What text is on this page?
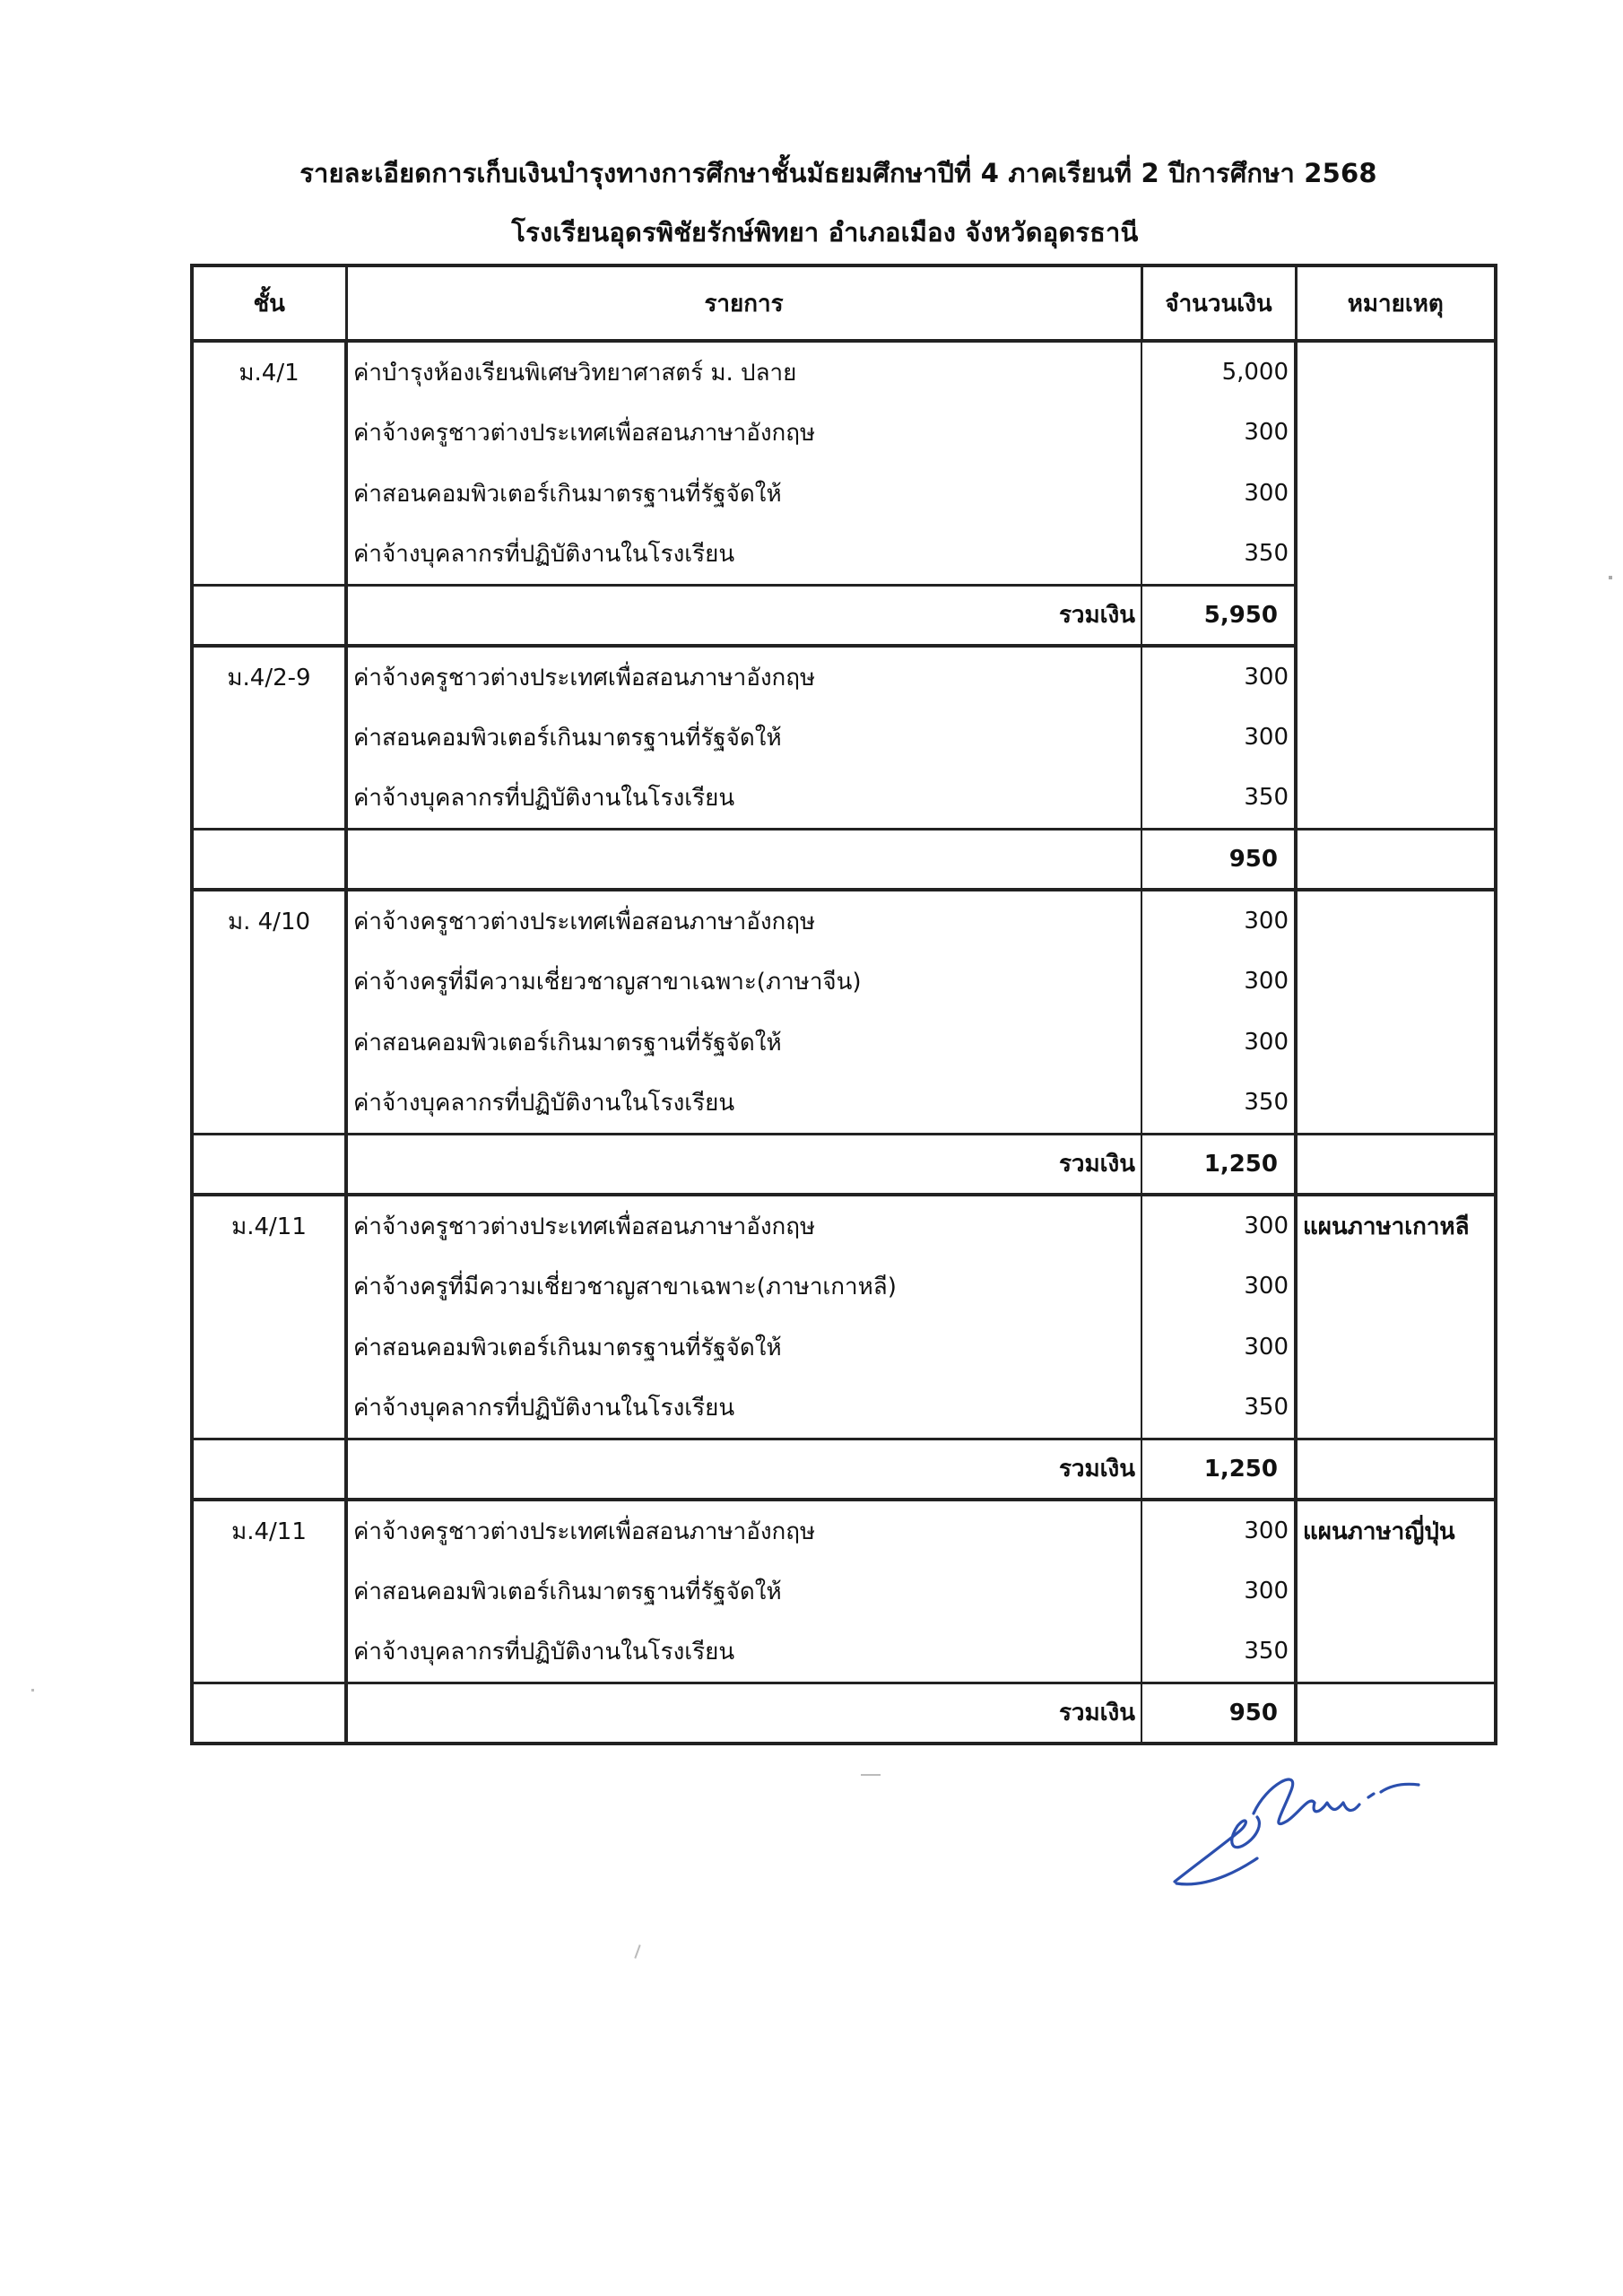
รายละเอียดการเก็บเงินบำรุงทางการศึกษาชั้นมัธยมศึกษาปีที่ 4 ภาคเรียนที่ 2 ปีการศึกษา 2568
โรงเรียนอุดรพิชัยรักษ์พิทยา อำเภอเมือง จังหวัดอุดรธานี
ชั้น	รายการ	จำนวนเงิน	หมายเหตุ
ม.4/1	ค่าบำรุงห้องเรียนพิเศษวิทยาศาสตร์ ม. ปลาย	5,000	
	ค่าจ้างครูชาวต่างประเทศเพื่อสอนภาษาอังกฤษ	300	
	ค่าสอนคอมพิวเตอร์เกินมาตรฐานที่รัฐจัดให้	300	
	ค่าจ้างบุคลากรที่ปฏิบัติงานในโรงเรียน	350	
	รวมเงิน	5,950	
ม.4/2-9	ค่าจ้างครูชาวต่างประเทศเพื่อสอนภาษาอังกฤษ	300	
	ค่าสอนคอมพิวเตอร์เกินมาตรฐานที่รัฐจัดให้	300	
	ค่าจ้างบุคลากรที่ปฏิบัติงานในโรงเรียน	350	
		950	
ม. 4/10	ค่าจ้างครูชาวต่างประเทศเพื่อสอนภาษาอังกฤษ	300	
	ค่าจ้างครูที่มีความเชี่ยวชาญสาขาเฉพาะ(ภาษาจีน)	300	
	ค่าสอนคอมพิวเตอร์เกินมาตรฐานที่รัฐจัดให้	300	
	ค่าจ้างบุคลากรที่ปฏิบัติงานในโรงเรียน	350	
	รวมเงิน	1,250	
ม.4/11	ค่าจ้างครูชาวต่างประเทศเพื่อสอนภาษาอังกฤษ	300	แผนภาษาเกาหลี
	ค่าจ้างครูที่มีความเชี่ยวชาญสาขาเฉพาะ(ภาษาเกาหลี)	300	
	ค่าสอนคอมพิวเตอร์เกินมาตรฐานที่รัฐจัดให้	300	
	ค่าจ้างบุคลากรที่ปฏิบัติงานในโรงเรียน	350	
	รวมเงิน	1,250	
ม.4/11	ค่าจ้างครูชาวต่างประเทศเพื่อสอนภาษาอังกฤษ	300	แผนภาษาญี่ปุ่น
	ค่าสอนคอมพิวเตอร์เกินมาตรฐานที่รัฐจัดให้	300	
	ค่าจ้างบุคลากรที่ปฏิบัติงานในโรงเรียน	350	
	รวมเงิน	950	
